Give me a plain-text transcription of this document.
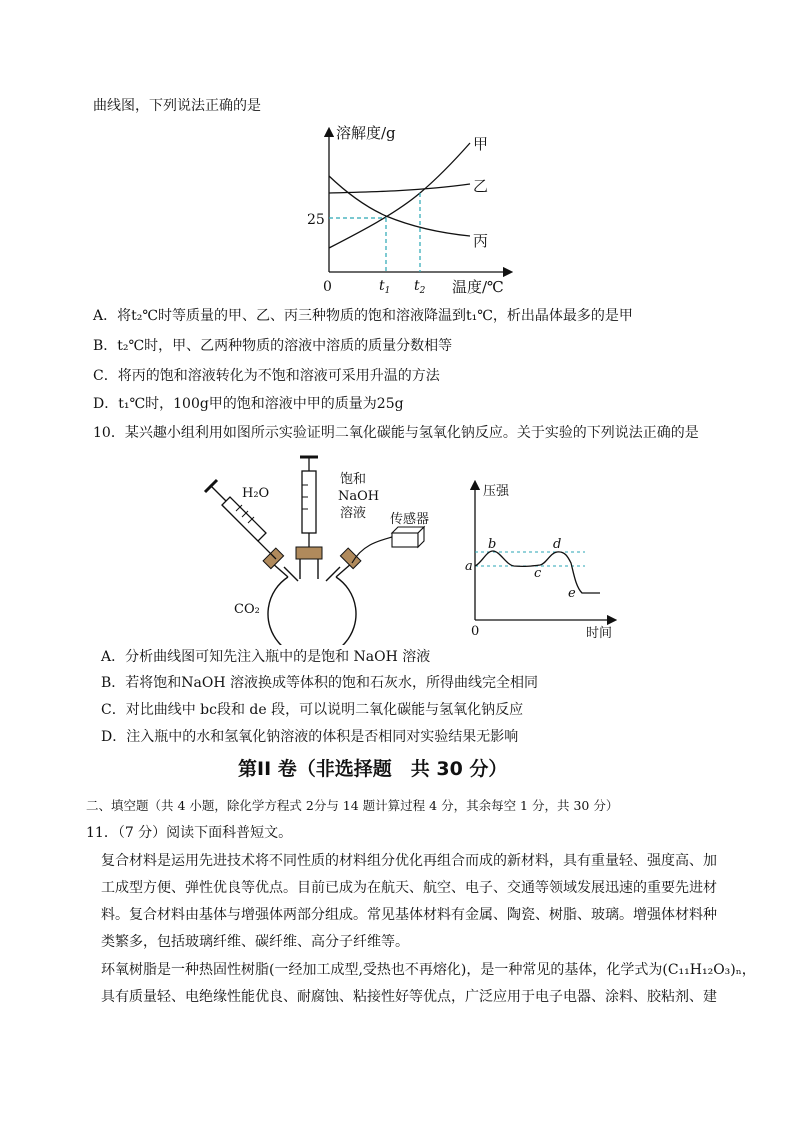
曲线图，下列说法正确的是
溶解度/g
温度/℃
0
25
$t_1$ $t_2$
甲
乙
丙
A．将t₂℃时等质量的甲、乙、丙三种物质的饱和溶液降温到t₁℃，析出晶体最多的是甲
B．t₂℃时，甲、乙两种物质的溶液中溶质的质量分数相等
C．将丙的饱和溶液转化为不饱和溶液可采用升温的方法
D．t₁℃时，100g甲的饱和溶液中甲的质量为25g
10．某兴趣小组利用如图所示实验证明二氧化碳能与氢氧化钠反应。关于实验的下列说法正确的是
CO₂
H₂O
饱和
NaOH
溶液 传感器
压强
时间
0
a
b
c
d
e
A．分析曲线图可知先注入瓶中的是饱和 NaOH 溶液
B．若将饱和NaOH 溶液换成等体积的饱和石灰水，所得曲线完全相同
C．对比曲线中 bc段和 de 段，可以说明二氧化碳能与氢氧化钠反应
D．注入瓶中的水和氢氧化钠溶液的体积是否相同对实验结果无影响
第II 卷（非选择题　共 30 分）
二、填空题（共 4 小题，除化学方程式 2分与 14 题计算过程 4 分，其余每空 1 分，共 30 分）
11．（7 分）阅读下面科普短文。
复合材料是运用先进技术将不同性质的材料组分优化再组合而成的新材料，具有重量轻、强度高、加
工成型方便、弹性优良等优点。目前已成为在航天、航空、电子、交通等领域发展迅速的重要先进材
料。复合材料由基体与增强体两部分组成。常见基体材料有金属、陶瓷、树脂、玻璃。增强体材料种
类繁多，包括玻璃纤维、碳纤维、高分子纤维等。
环氧树脂是一种热固性树脂(一经加工成型,受热也不再熔化)，是一种常见的基体，化学式为(C₁₁H₁₂O₃)ₙ，
具有质量轻、电绝缘性能优良、耐腐蚀、粘接性好等优点，广泛应用于电子电器、涂料、胶粘剂、建
